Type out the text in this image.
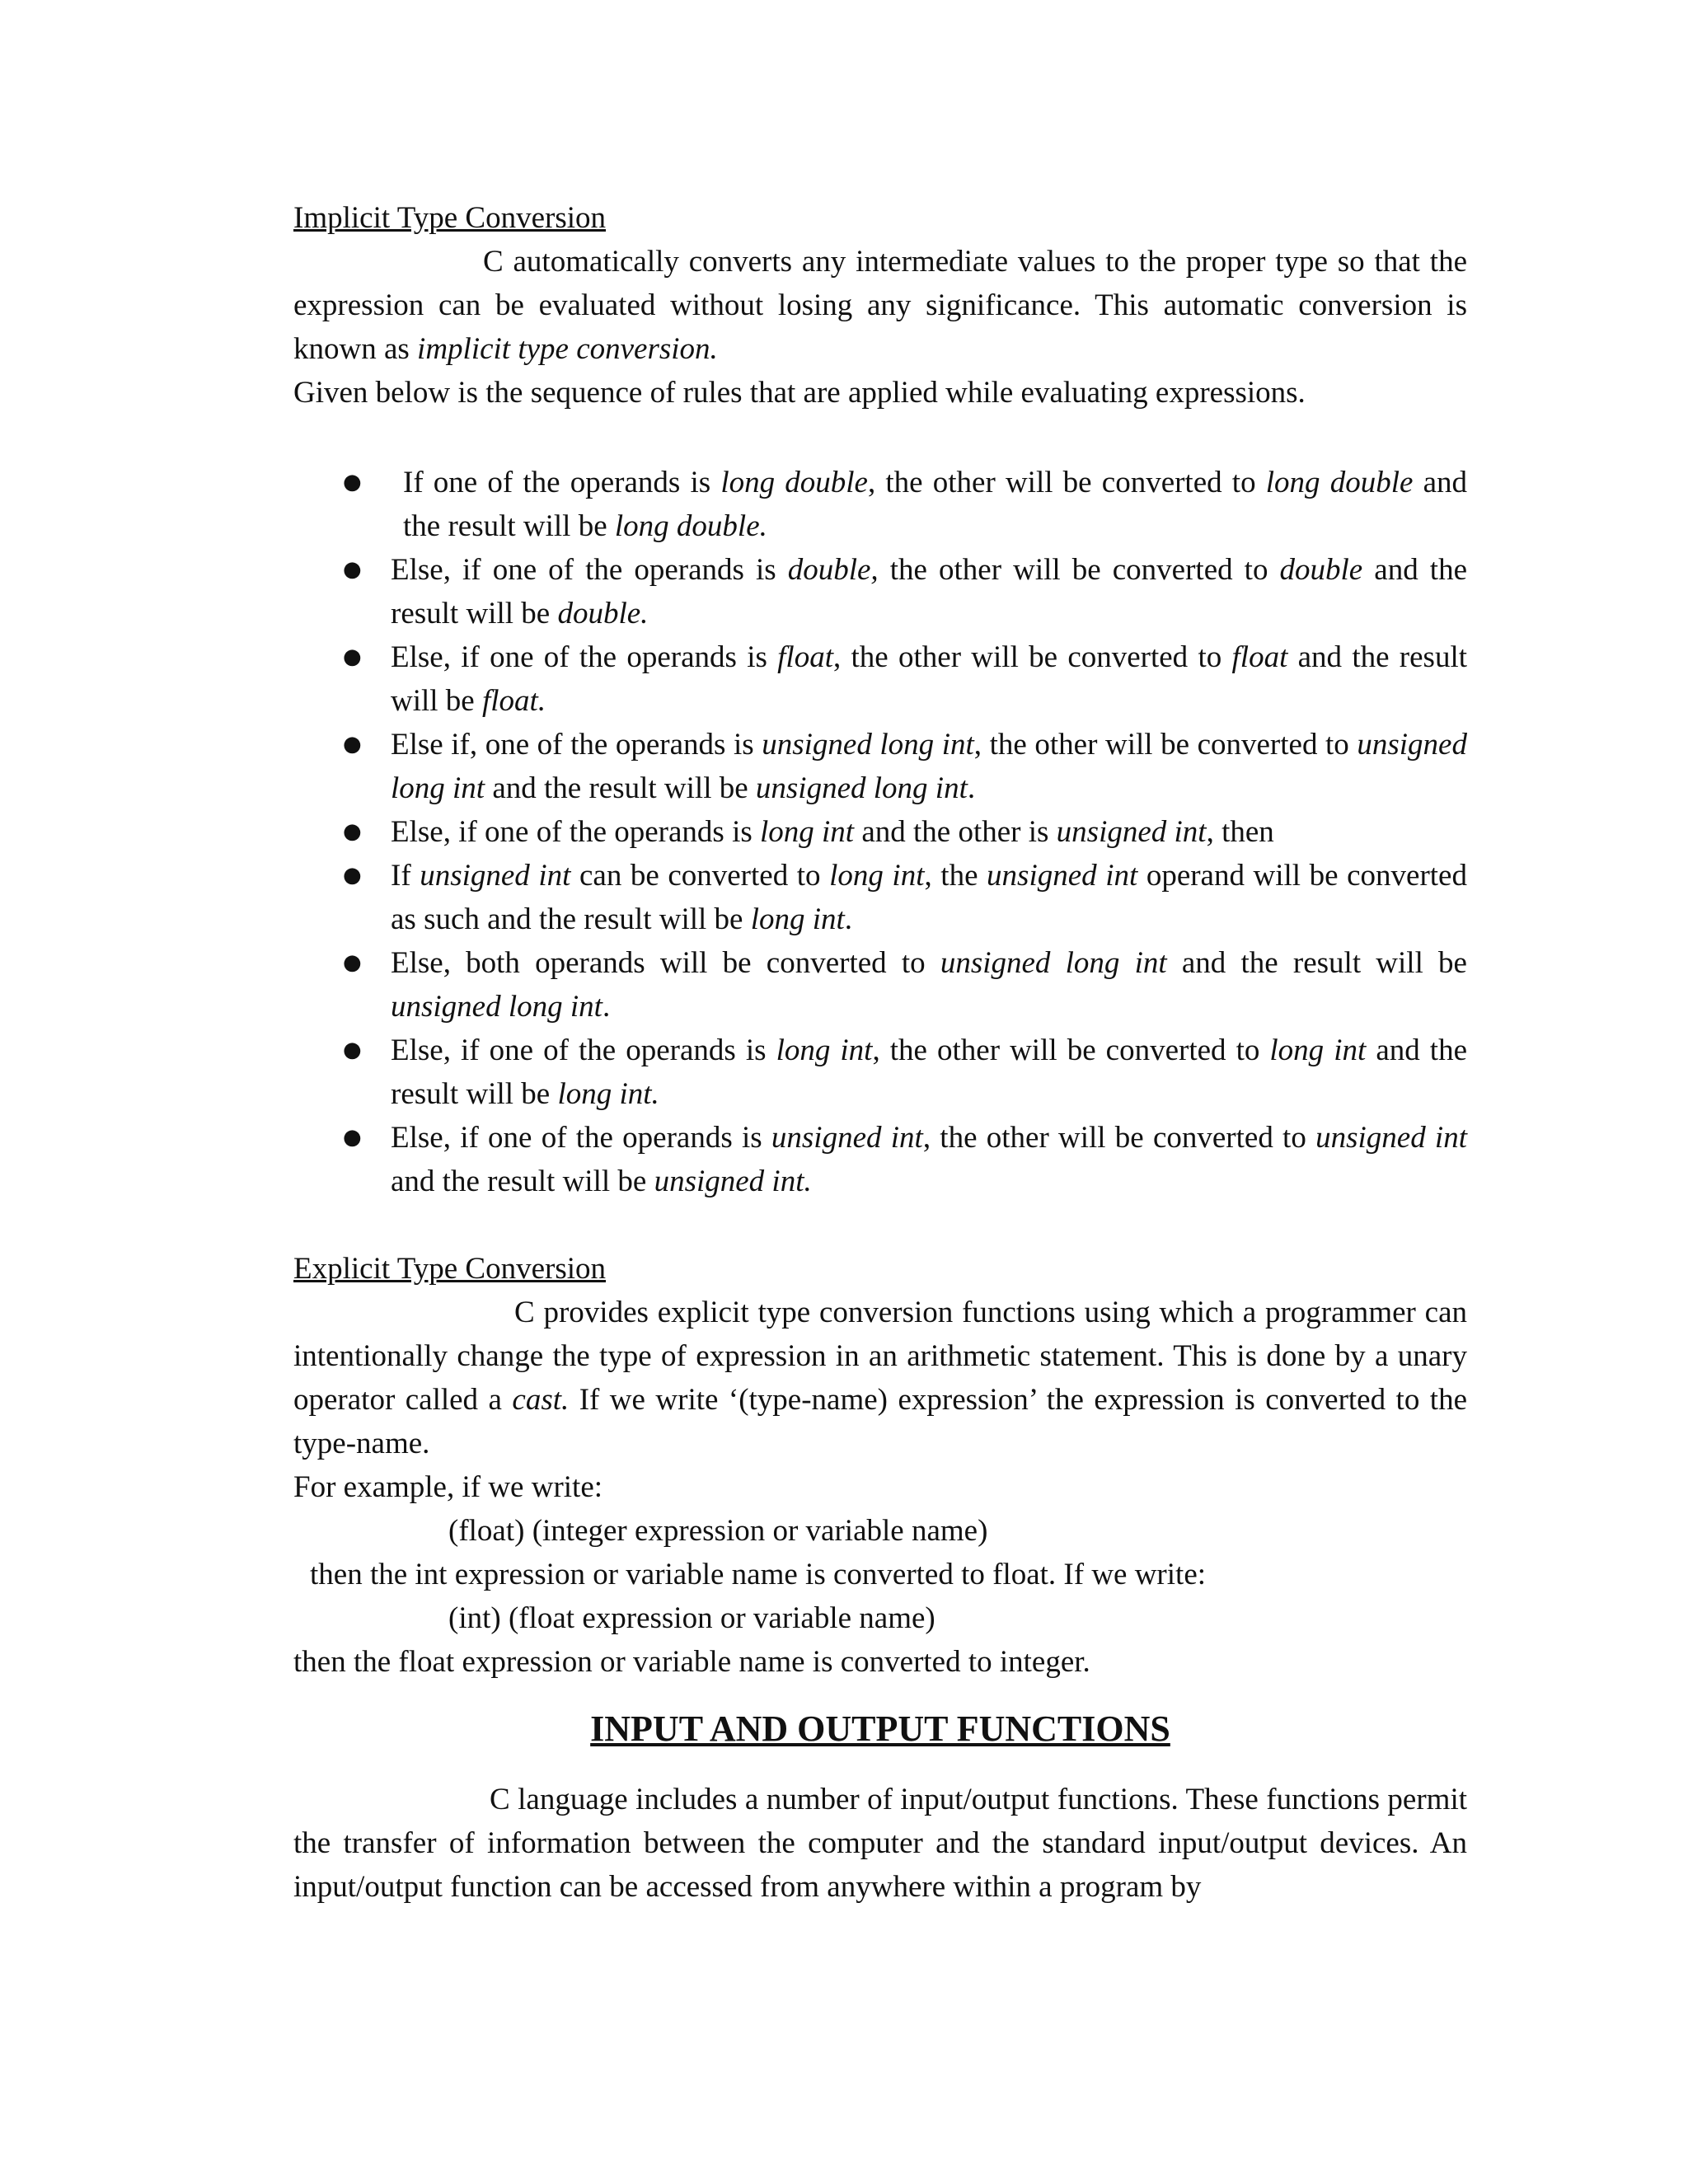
Implicit Type Conversion

C automatically converts any intermediate values to the proper type so that the expression can be evaluated without losing any significance. This automatic conversion is known as implicit type conversion.

Given below is the sequence of rules that are applied while evaluating expressions.

● If one of the operands is long double, the other will be converted to long double and the result will be long double.
● Else, if one of the operands is double, the other will be converted to double and the result will be double.
● Else, if one of the operands is float, the other will be converted to float and the result will be float.
● Else if, one of the operands is unsigned long int, the other will be converted to unsigned long int and the result will be unsigned long int.
● Else, if one of the operands is long int and the other is unsigned int, then
● If unsigned int can be converted to long int, the unsigned int operand will be converted as such and the result will be long int.
● Else, both operands will be converted to unsigned long int and the result will be unsigned long int.
● Else, if one of the operands is long int, the other will be converted to long int and the result will be long int.
● Else, if one of the operands is unsigned int, the other will be converted to unsigned int and the result will be unsigned int.

Explicit Type Conversion

C provides explicit type conversion functions using which a programmer can intentionally change the type of expression in an arithmetic statement. This is done by a unary operator called a cast. If we write ‘(type-name) expression’ the expression is converted to the type-name.

For example, if we write:

(float) (integer expression or variable name)

then the int expression or variable name is converted to float. If we write:

(int) (float expression or variable name)

then the float expression or variable name is converted to integer.

INPUT AND OUTPUT FUNCTIONS

C language includes a number of input/output functions. These functions permit the transfer of information between the computer and the standard input/output devices. An input/output function can be accessed from anywhere within a program by
